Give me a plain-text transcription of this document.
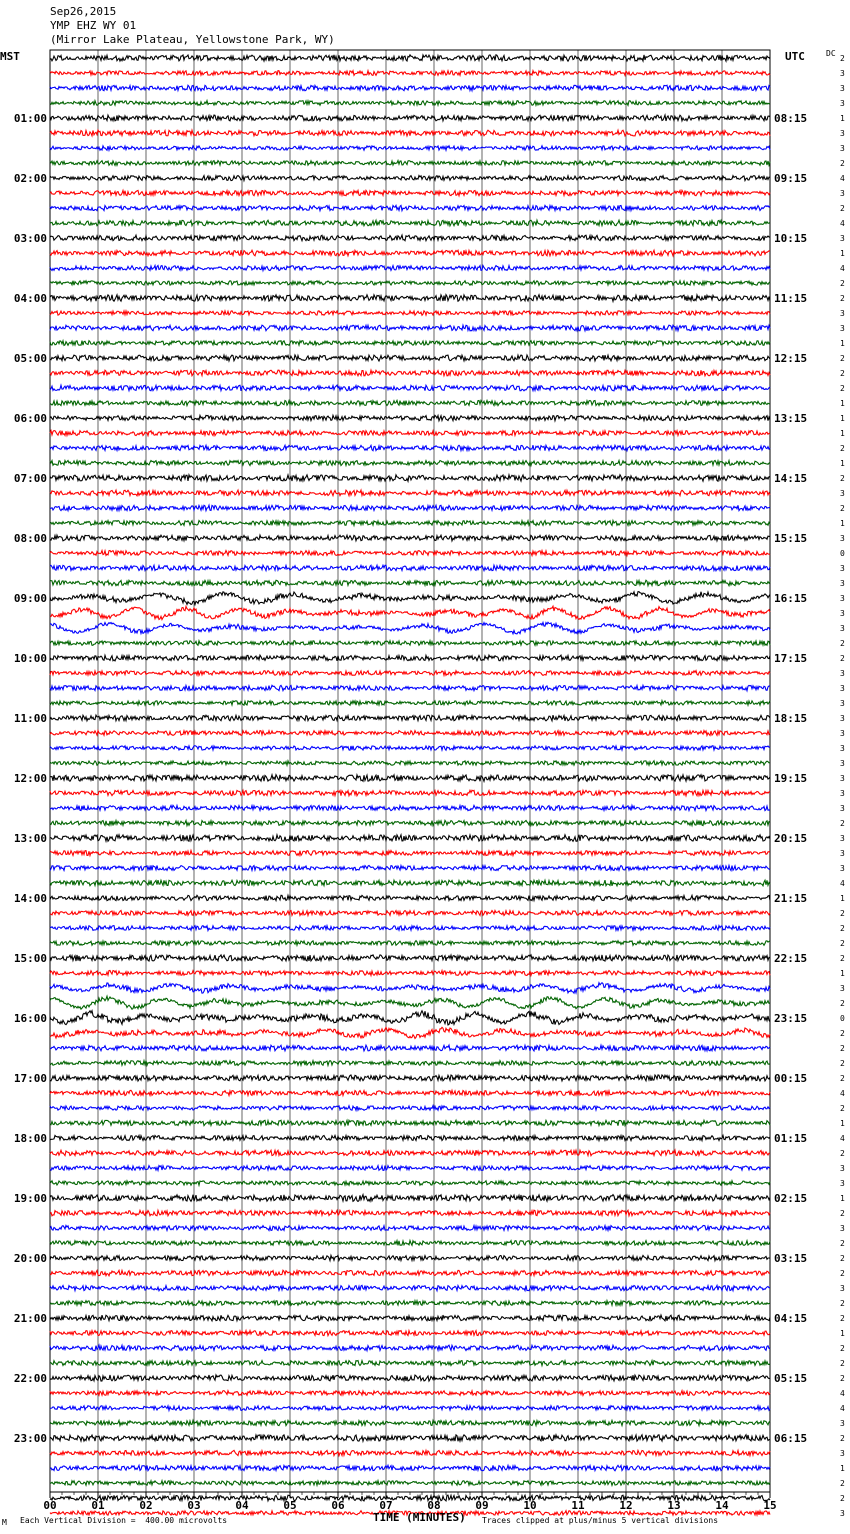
Sep26,2015
YMP EHZ WY 01
(Mirror Lake Plateau, Yellowstone Park, WY)
MST	UTC	DC
00	01	02	03	04	05	06	07	08	09	10	11	12	13	14	15
2
3
3
3
1
01:00	08:15
3
3
2
4
02:00	09:15
3
2
4
3
03:00	10:15
1
4
2
2
04:00	11:15
3
3
1
2
05:00	12:15
2
2
1
1
06:00	13:15
1
2
1
2
07:00	14:15
3
2
1
3
08:00	15:15
0
3
3
3
09:00	16:15
3
3
2
2
10:00	17:15
3
3
3
3
11:00	18:15
3
3
3
3
12:00	19:15
3
3
2
3
13:00	20:15
3
3
4
1
14:00	21:15
2
2
2
2
15:00	22:15
1
3
2
0
16:00	23:15
2
2
2
2
17:00	00:15
4
2
1
4
18:00	01:15
2
3
3
1
19:00	02:15
2
3
2
2
20:00	03:15
2
3
2
2
21:00	04:15
1
2
2
2
22:00	05:15
4
4
3
2
23:00	06:15
3
1
2
2
3
M Each Vertical Division =  400.00 microvolts	TIME (MINUTES) Traces clipped at plus/minus 5 vertical divisions
